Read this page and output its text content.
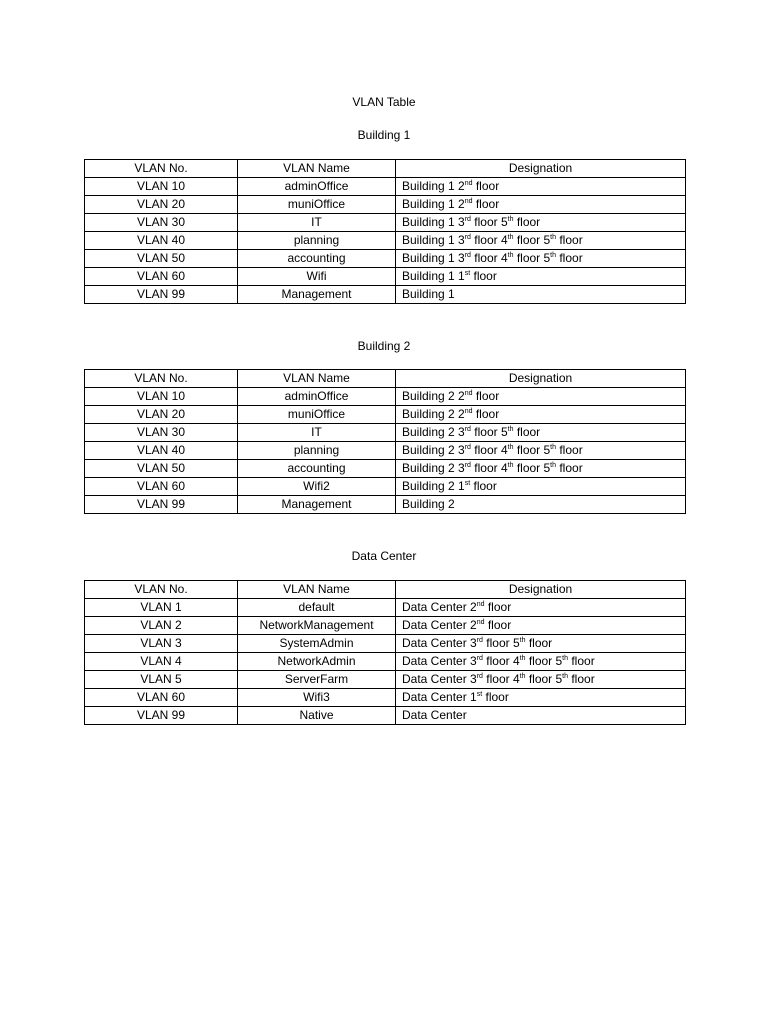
VLAN Table
Building 1
VLAN No.	VLAN Name	Designation
VLAN 10	adminOffice	Building 1 2nd floor
VLAN 20	muniOffice	Building 1 2nd floor
VLAN 30	IT	Building 1 3rd floor 5th floor
VLAN 40	planning	Building 1 3rd floor 4th floor 5th floor
VLAN 50	accounting	Building 1 3rd floor 4th floor 5th floor
VLAN 60	Wifi	Building 1 1st floor
VLAN 99	Management	Building 1
Building 2
VLAN No.	VLAN Name	Designation
VLAN 10	adminOffice	Building 2 2nd floor
VLAN 20	muniOffice	Building 2 2nd floor
VLAN 30	IT	Building 2 3rd floor 5th floor
VLAN 40	planning	Building 2 3rd floor 4th floor 5th floor
VLAN 50	accounting	Building 2 3rd floor 4th floor 5th floor
VLAN 60	Wifi2	Building 2 1st floor
VLAN 99	Management	Building 2
Data Center
VLAN No.	VLAN Name	Designation
VLAN 1	default	Data Center 2nd floor
VLAN 2	NetworkManagement	Data Center 2nd floor
VLAN 3	SystemAdmin	Data Center 3rd floor 5th floor
VLAN 4	NetworkAdmin	Data Center 3rd floor 4th floor 5th floor
VLAN 5	ServerFarm	Data Center 3rd floor 4th floor 5th floor
VLAN 60	Wifi3	Data Center 1st floor
VLAN 99	Native	Data Center
